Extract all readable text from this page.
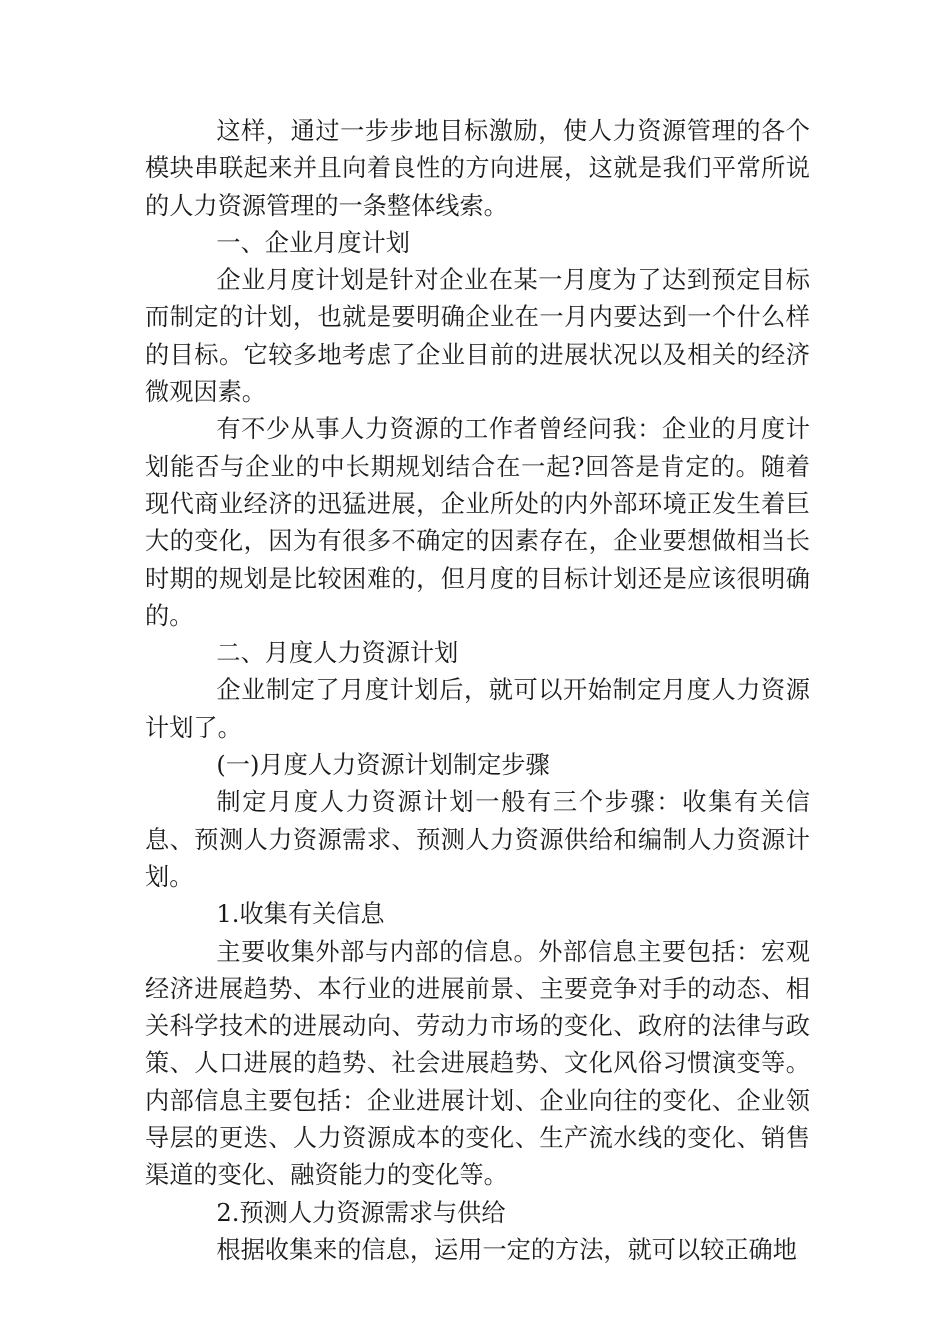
这样，通过一步步地目标激励，使人力资源管理的各个模块串联起来并且向着良性的方向进展，这就是我们平常所说的人力资源管理的一条整体线索。

一、企业月度计划

企业月度计划是针对企业在某一月度为了达到预定目标而制定的计划，也就是要明确企业在一月内要达到一个什么样的目标。它较多地考虑了企业目前的进展状况以及相关的经济微观因素。

有不少从事人力资源的工作者曾经问我：企业的月度计划能否与企业的中长期规划结合在一起?回答是肯定的。随着现代商业经济的迅猛进展，企业所处的内外部环境正发生着巨大的变化，因为有很多不确定的因素存在，企业要想做相当长时期的规划是比较困难的，但月度的目标计划还是应该很明确的。

二、月度人力资源计划

企业制定了月度计划后，就可以开始制定月度人力资源计划了。

(一)月度人力资源计划制定步骤

制定月度人力资源计划一般有三个步骤：收集有关信息、预测人力资源需求、预测人力资源供给和编制人力资源计划。

1.收集有关信息

主要收集外部与内部的信息。外部信息主要包括：宏观经济进展趋势、本行业的进展前景、主要竞争对手的动态、相关科学技术的进展动向、劳动力市场的变化、政府的法律与政策、人口进展的趋势、社会进展趋势、文化风俗习惯演变等。内部信息主要包括：企业进展计划、企业向往的变化、企业领导层的更迭、人力资源成本的变化、生产流水线的变化、销售渠道的变化、融资能力的变化等。

2.预测人力资源需求与供给

根据收集来的信息，运用一定的方法，就可以较正确地
